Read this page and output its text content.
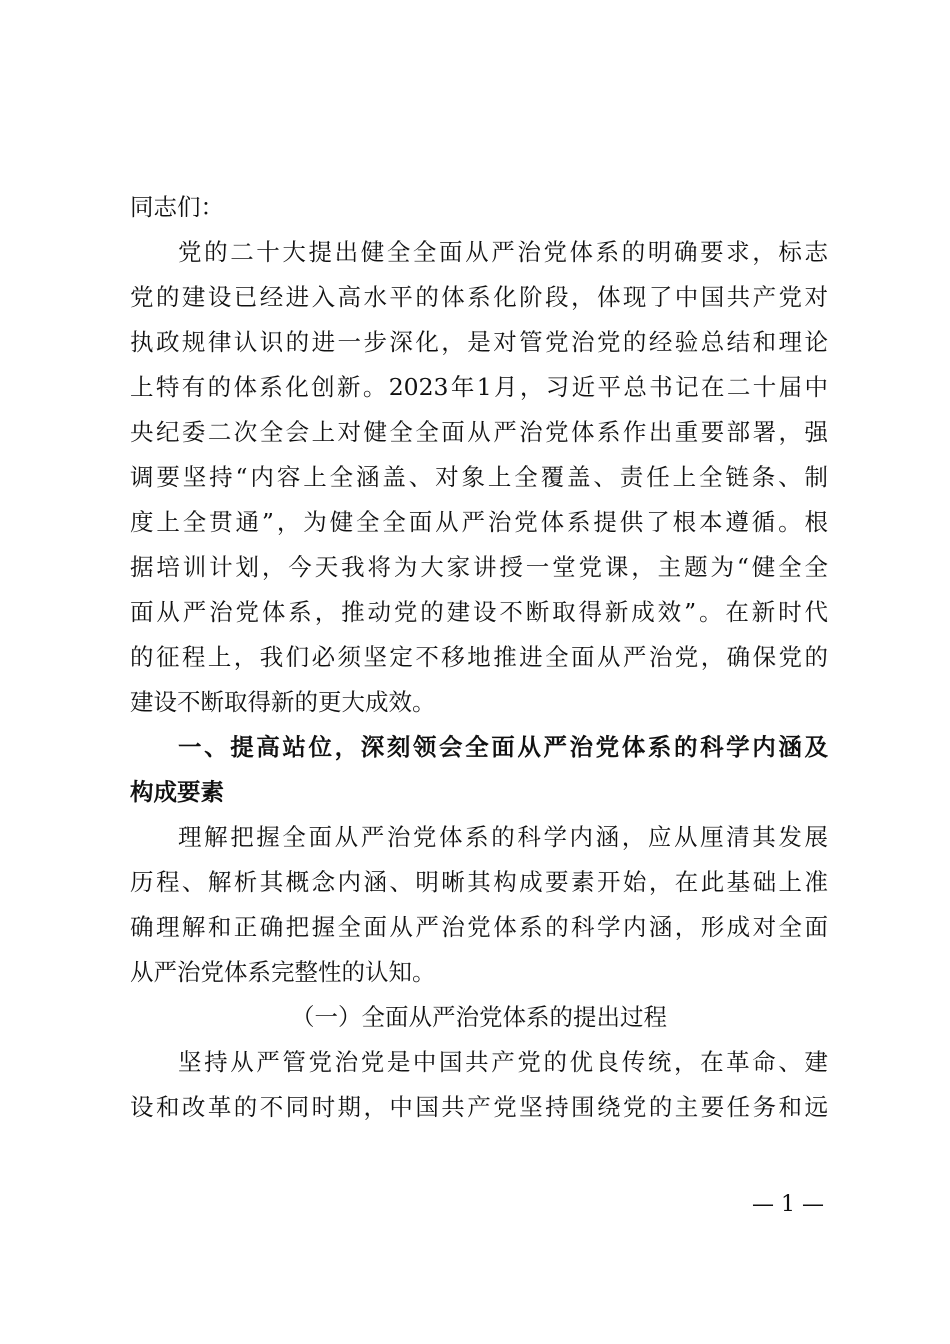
同志们：
党的二十大提出健全全面从严治党体系的明确要求，标志
党的建设已经进入高水平的体系化阶段，体现了中国共产党对
执政规律认识的进一步深化，是对管党治党的经验总结和理论
上特有的体系化创新。2023年1月，习近平总书记在二十届中
央纪委二次全会上对健全全面从严治党体系作出重要部署，强
调要坚持“内容上全涵盖、对象上全覆盖、责任上全链条、制
度上全贯通”，为健全全面从严治党体系提供了根本遵循。根
据培训计划，今天我将为大家讲授一堂党课，主题为“健全全
面从严治党体系，推动党的建设不断取得新成效”。在新时代
的征程上，我们必须坚定不移地推进全面从严治党，确保党的
建设不断取得新的更大成效。
一、提高站位，深刻领会全面从严治党体系的科学内涵及
构成要素
理解把握全面从严治党体系的科学内涵，应从厘清其发展
历程、解析其概念内涵、明晰其构成要素开始，在此基础上准
确理解和正确把握全面从严治党体系的科学内涵，形成对全面
从严治党体系完整性的认知。
（一）全面从严治党体系的提出过程
坚持从严管党治党是中国共产党的优良传统，在革命、建
设和改革的不同时期，中国共产党坚持围绕党的主要任务和远
— 1 —
